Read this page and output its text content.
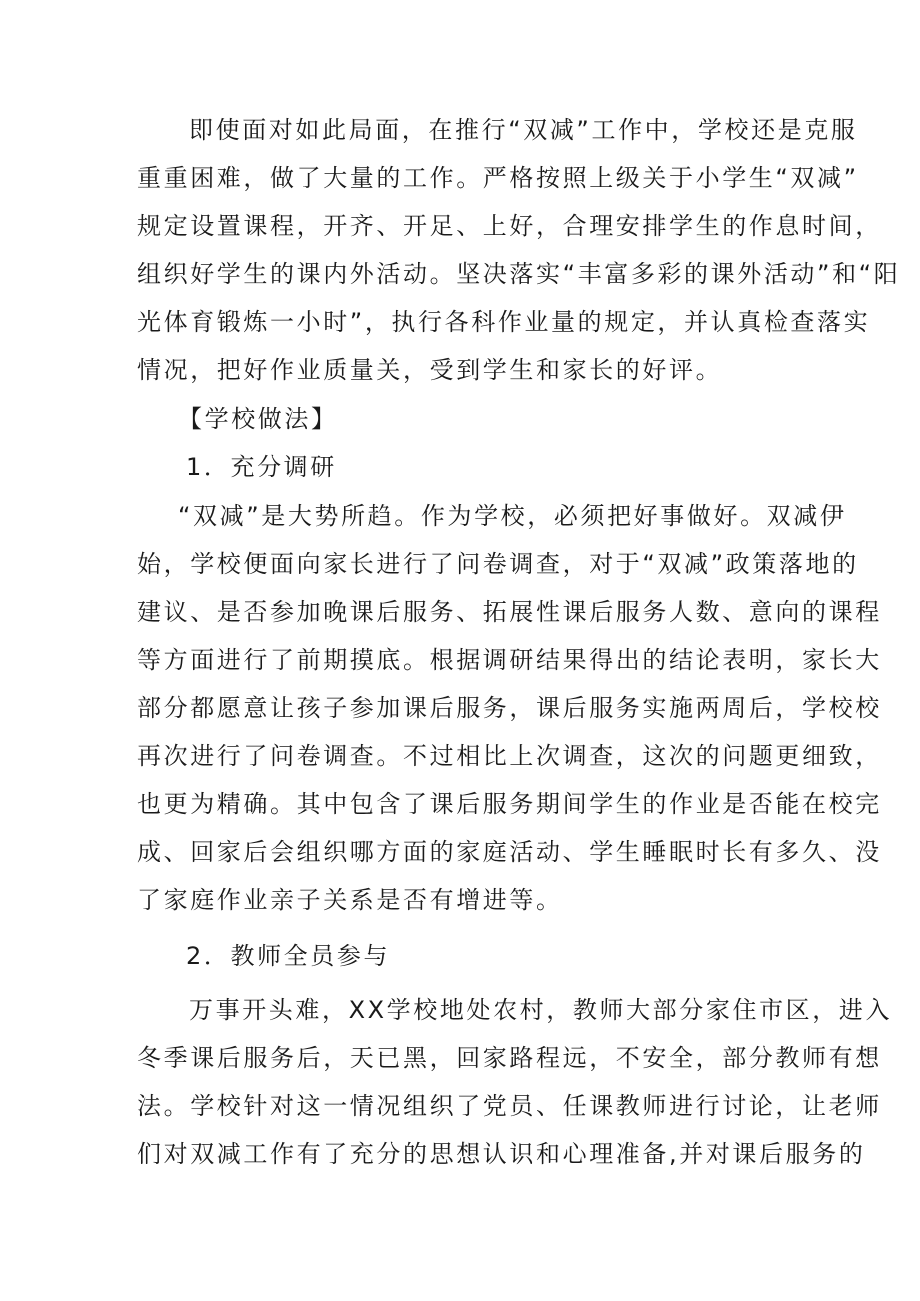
即使面对如此局面，在推行“双减”工作中，学校还是克服
重重困难，做了大量的工作。严格按照上级关于小学生“双减”
规定设置课程，开齐、开足、上好，合理安排学生的作息时间，
组织好学生的课内外活动。坚决落实“丰富多彩的课外活动”和“阳
光体育锻炼一小时”，执行各科作业量的规定，并认真检查落实
情况，把好作业质量关，受到学生和家长的好评。
【学校做法】
1．充分调研
“双减”是大势所趋。作为学校，必须把好事做好。双减伊
始，学校便面向家长进行了问卷调查，对于“双减”政策落地的
建议、是否参加晚课后服务、拓展性课后服务人数、意向的课程
等方面进行了前期摸底。根据调研结果得出的结论表明，家长大
部分都愿意让孩子参加课后服务，课后服务实施两周后，学校校
再次进行了问卷调查。不过相比上次调查，这次的问题更细致，
也更为精确。其中包含了课后服务期间学生的作业是否能在校完
成、回家后会组织哪方面的家庭活动、学生睡眠时长有多久、没
了家庭作业亲子关系是否有增进等。
2．教师全员参与
万事开头难，XX学校地处农村，教师大部分家住市区，进入
冬季课后服务后，天已黑，回家路程远，不安全，部分教师有想
法。学校针对这一情况组织了党员、任课教师进行讨论，让老师
们对双减工作有了充分的思想认识和心理准备,并对课后服务的
